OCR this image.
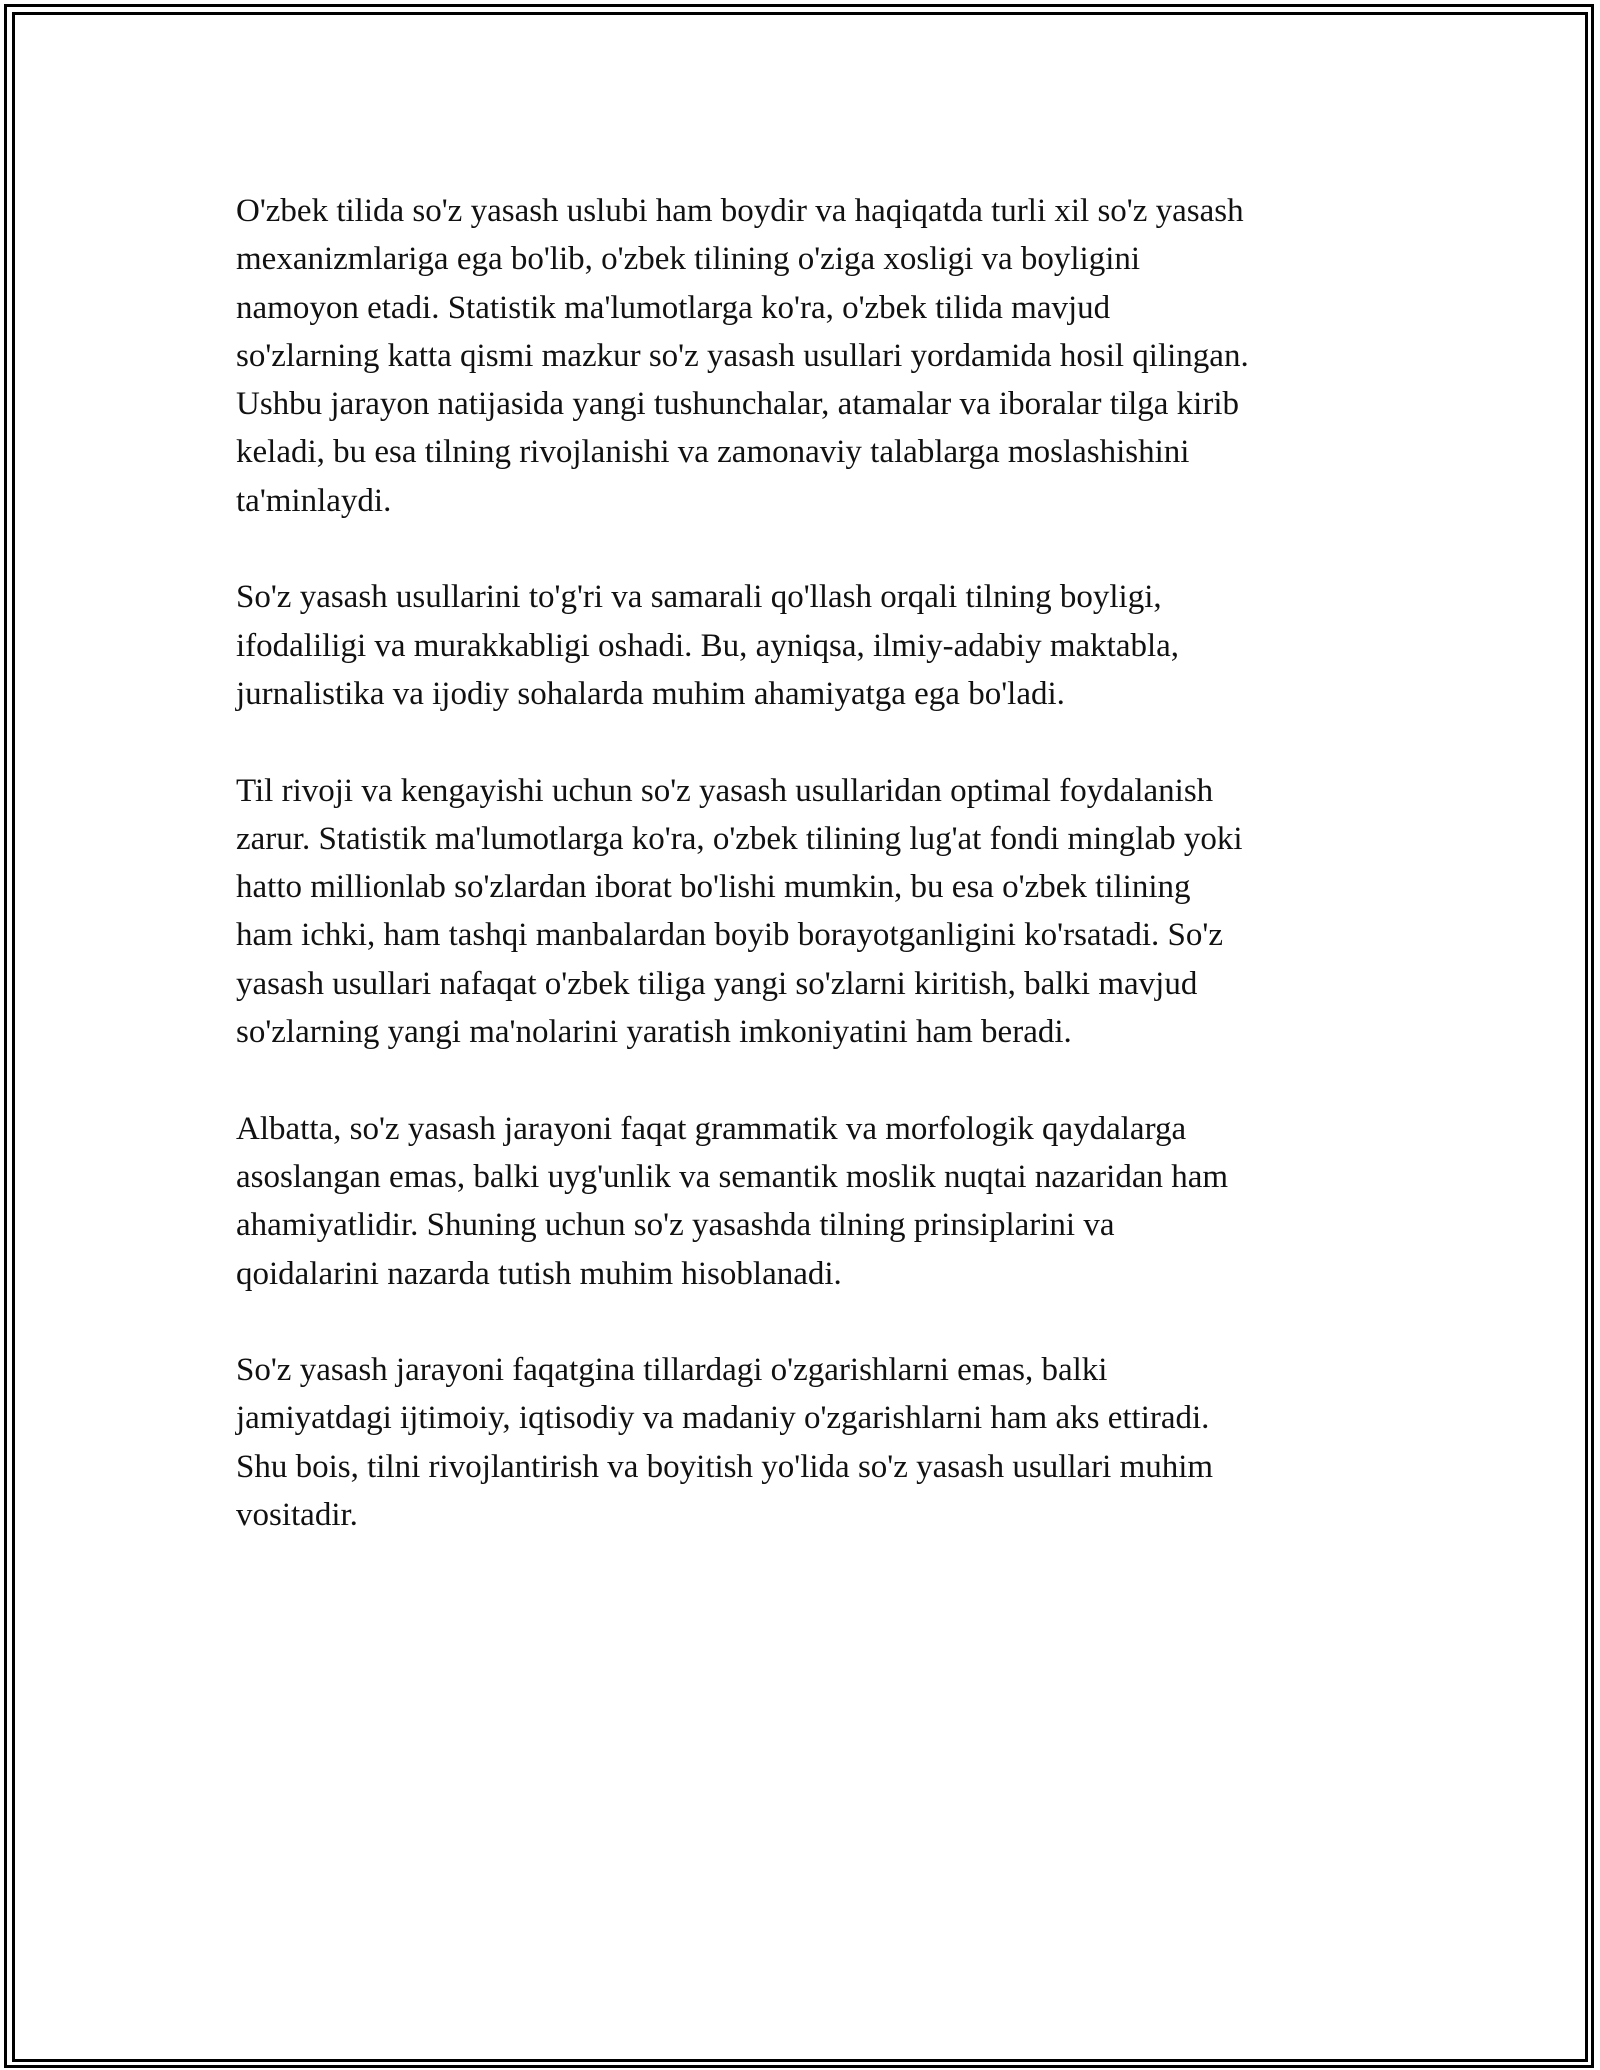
O'zbek tilida so'z yasash uslubi ham boydir va haqiqatda turli xil so'z yasash
mexanizmlariga ega bo'lib, o'zbek tilining o'ziga xosligi va boyligini
namoyon etadi. Statistik ma'lumotlarga ko'ra, o'zbek tilida mavjud
so'zlarning katta qismi mazkur so'z yasash usullari yordamida hosil qilingan.
Ushbu jarayon natijasida yangi tushunchalar, atamalar va iboralar tilga kirib
keladi, bu esa tilning rivojlanishi va zamonaviy talablarga moslashishini
ta'minlaydi.

So'z yasash usullarini to'g'ri va samarali qo'llash orqali tilning boyligi,
ifodaliligi va murakkabligi oshadi. Bu, ayniqsa, ilmiy-adabiy maktabla,
jurnalistika va ijodiy sohalarda muhim ahamiyatga ega bo'ladi.

Til rivoji va kengayishi uchun so'z yasash usullaridan optimal foydalanish
zarur. Statistik ma'lumotlarga ko'ra, o'zbek tilining lug'at fondi minglab yoki
hatto millionlab so'zlardan iborat bo'lishi mumkin, bu esa o'zbek tilining
ham ichki, ham tashqi manbalardan boyib borayotganligini ko'rsatadi. So'z
yasash usullari nafaqat o'zbek tiliga yangi so'zlarni kiritish, balki mavjud
so'zlarning yangi ma'nolarini yaratish imkoniyatini ham beradi.

Albatta, so'z yasash jarayoni faqat grammatik va morfologik qaydalarga
asoslangan emas, balki uyg'unlik va semantik moslik nuqtai nazaridan ham
ahamiyatlidir. Shuning uchun so'z yasashda tilning prinsiplarini va
qoidalarini nazarda tutish muhim hisoblanadi.

So'z yasash jarayoni faqatgina tillardagi o'zgarishlarni emas, balki
jamiyatdagi ijtimoiy, iqtisodiy va madaniy o'zgarishlarni ham aks ettiradi.
Shu bois, tilni rivojlantirish va boyitish yo'lida so'z yasash usullari muhim
vositadir.
